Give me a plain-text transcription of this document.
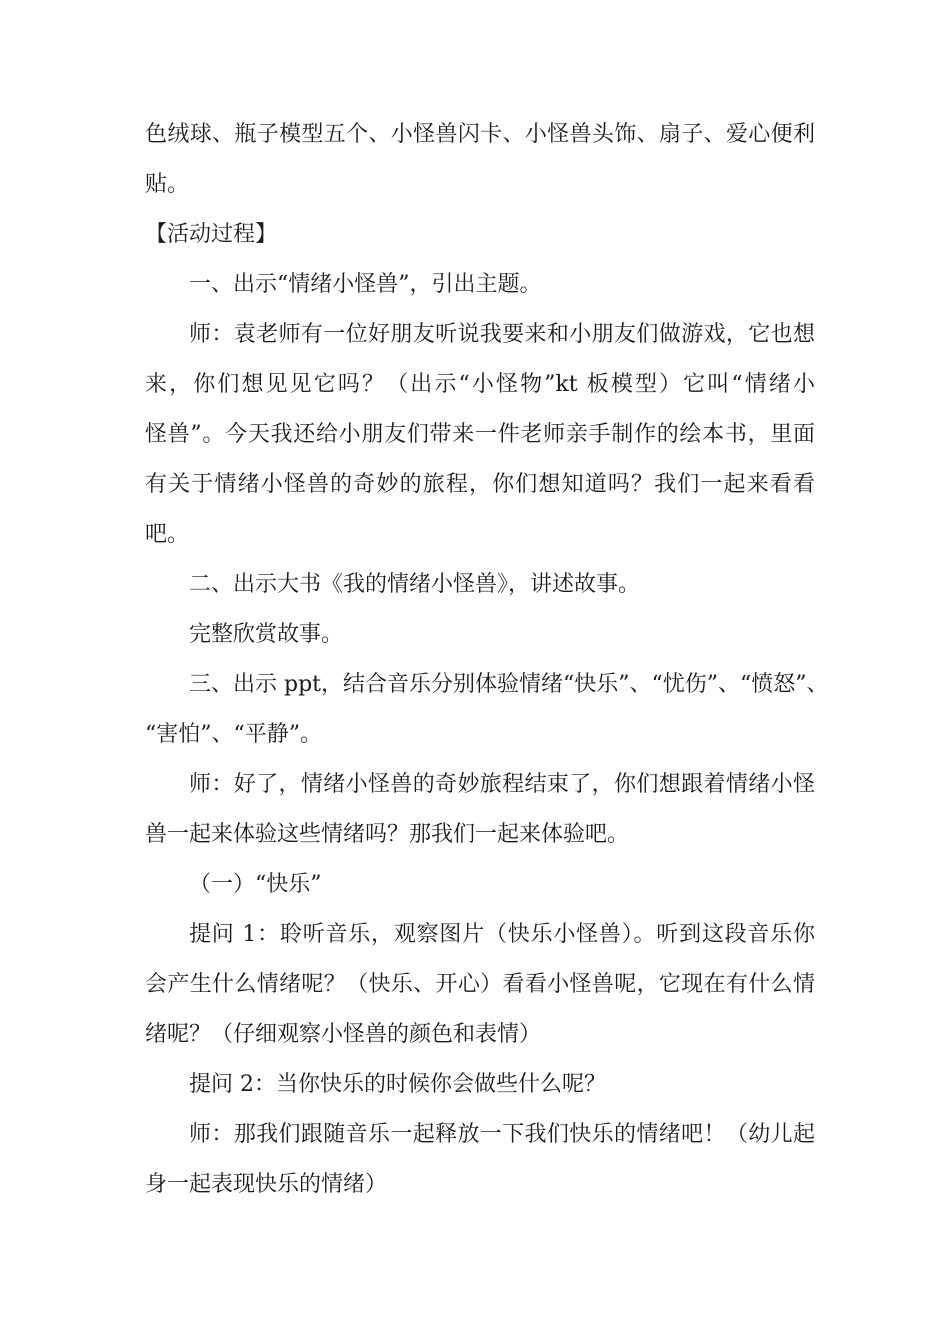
色绒球、瓶子模型五个、小怪兽闪卡、小怪兽头饰、扇子、爱心便利
贴。
【活动过程】
一、出示“情绪小怪兽”，引出主题。
师：袁老师有一位好朋友听说我要来和小朋友们做游戏，它也想
来，你们想见见它吗？（出示“小怪物”kt 板模型）它叫“情绪小
怪兽”。今天我还给小朋友们带来一件老师亲手制作的绘本书，里面
有关于情绪小怪兽的奇妙的旅程，你们想知道吗？我们一起来看看
吧。
二、出示大书《我的情绪小怪兽》，讲述故事。
完整欣赏故事。
三、出示 ppt，结合音乐分别体验情绪“快乐”、“忧伤”、“愤怒”、
“害怕”、“平静”。
师：好了，情绪小怪兽的奇妙旅程结束了，你们想跟着情绪小怪
兽一起来体验这些情绪吗？那我们一起来体验吧。
（一）“快乐”
提问 1：聆听音乐，观察图片（快乐小怪兽）。听到这段音乐你
会产生什么情绪呢？（快乐、开心）看看小怪兽呢，它现在有什么情
绪呢？（仔细观察小怪兽的颜色和表情）
提问 2：当你快乐的时候你会做些什么呢？
师：那我们跟随音乐一起释放一下我们快乐的情绪吧！（幼儿起
身一起表现快乐的情绪）
